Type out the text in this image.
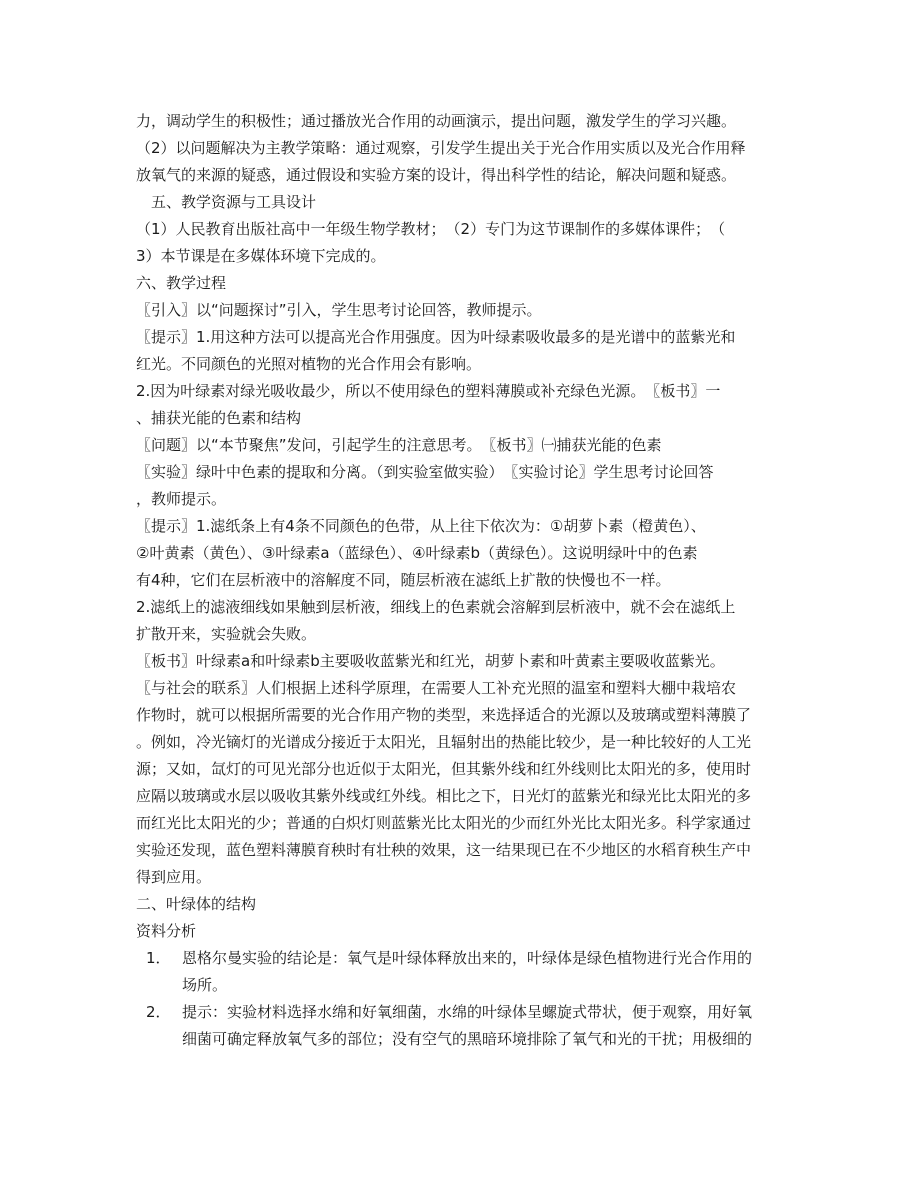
力，调动学生的积极性；通过播放光合作用的动画演示，提出问题，激发学生的学习兴趣。
（2）以问题解决为主教学策略：通过观察，引发学生提出关于光合作用实质以及光合作用释
放氧气的来源的疑惑，通过假设和实验方案的设计，得出科学性的结论，解决问题和疑惑。
　五、教学资源与工具设计
（1）人民教育出版社高中一年级生物学教材；　（2）专门为这节课制作的多媒体课件；　（
3）本节课是在多媒体环境下完成的。
六、教学过程
〖引入〗以“问题探讨”引入，学生思考讨论回答，教师提示。
〖提示〗1.用这种方法可以提高光合作用强度。因为叶绿素吸收最多的是光谱中的蓝紫光和
红光。不同颜色的光照对植物的光合作用会有影响。
2.因为叶绿素对绿光吸收最少，所以不使用绿色的塑料薄膜或补充绿色光源。　〖板书〗一
、捕获光能的色素和结构
〖问题〗以“本节聚焦”发问，引起学生的注意思考。　〖板书〗㈠捕获光能的色素
〖实验〗绿叶中色素的提取和分离。（到实验室做实验）　〖实验讨论〗学生思考讨论回答
，教师提示。
〖提示〗1.滤纸条上有4条不同颜色的色带，从上往下依次为：①胡萝卜素（橙黄色）、
②叶黄素（黄色）、③叶绿素a（蓝绿色）、④叶绿素b（黄绿色）。这说明绿叶中的色素
有4种，它们在层析液中的溶解度不同，随层析液在滤纸上扩散的快慢也不一样。
2.滤纸上的滤液细线如果触到层析液，细线上的色素就会溶解到层析液中，就不会在滤纸上
扩散开来，实验就会失败。
〖板书〗叶绿素a和叶绿素b主要吸收蓝紫光和红光，胡萝卜素和叶黄素主要吸收蓝紫光。
〖与社会的联系〗人们根据上述科学原理，在需要人工补充光照的温室和塑料大棚中栽培农
作物时，就可以根据所需要的光合作用产物的类型，来选择适合的光源以及玻璃或塑料薄膜了
。例如，冷光镝灯的光谱成分接近于太阳光，且辐射出的热能比较少，是一种比较好的人工光
源；又如，氙灯的可见光部分也近似于太阳光，但其紫外线和红外线则比太阳光的多，使用时
应隔以玻璃或水层以吸收其紫外线或红外线。相比之下，日光灯的蓝紫光和绿光比太阳光的多
而红光比太阳光的少；普通的白炽灯则蓝紫光比太阳光的少而红外光比太阳光多。科学家通过
实验还发现，蓝色塑料薄膜育秧时有壮秧的效果，这一结果现已在不少地区的水稻育秧生产中
得到应用。
二、叶绿体的结构
资料分析
1． 恩格尔曼实验的结论是：氧气是叶绿体释放出来的，叶绿体是绿色植物进行光合作用的
场所。
2． 提示：实验材料选择水绵和好氧细菌，水绵的叶绿体呈螺旋式带状，便于观察，用好氧
细菌可确定释放氧气多的部位；没有空气的黑暗环境排除了氧气和光的干扰；用极细的
